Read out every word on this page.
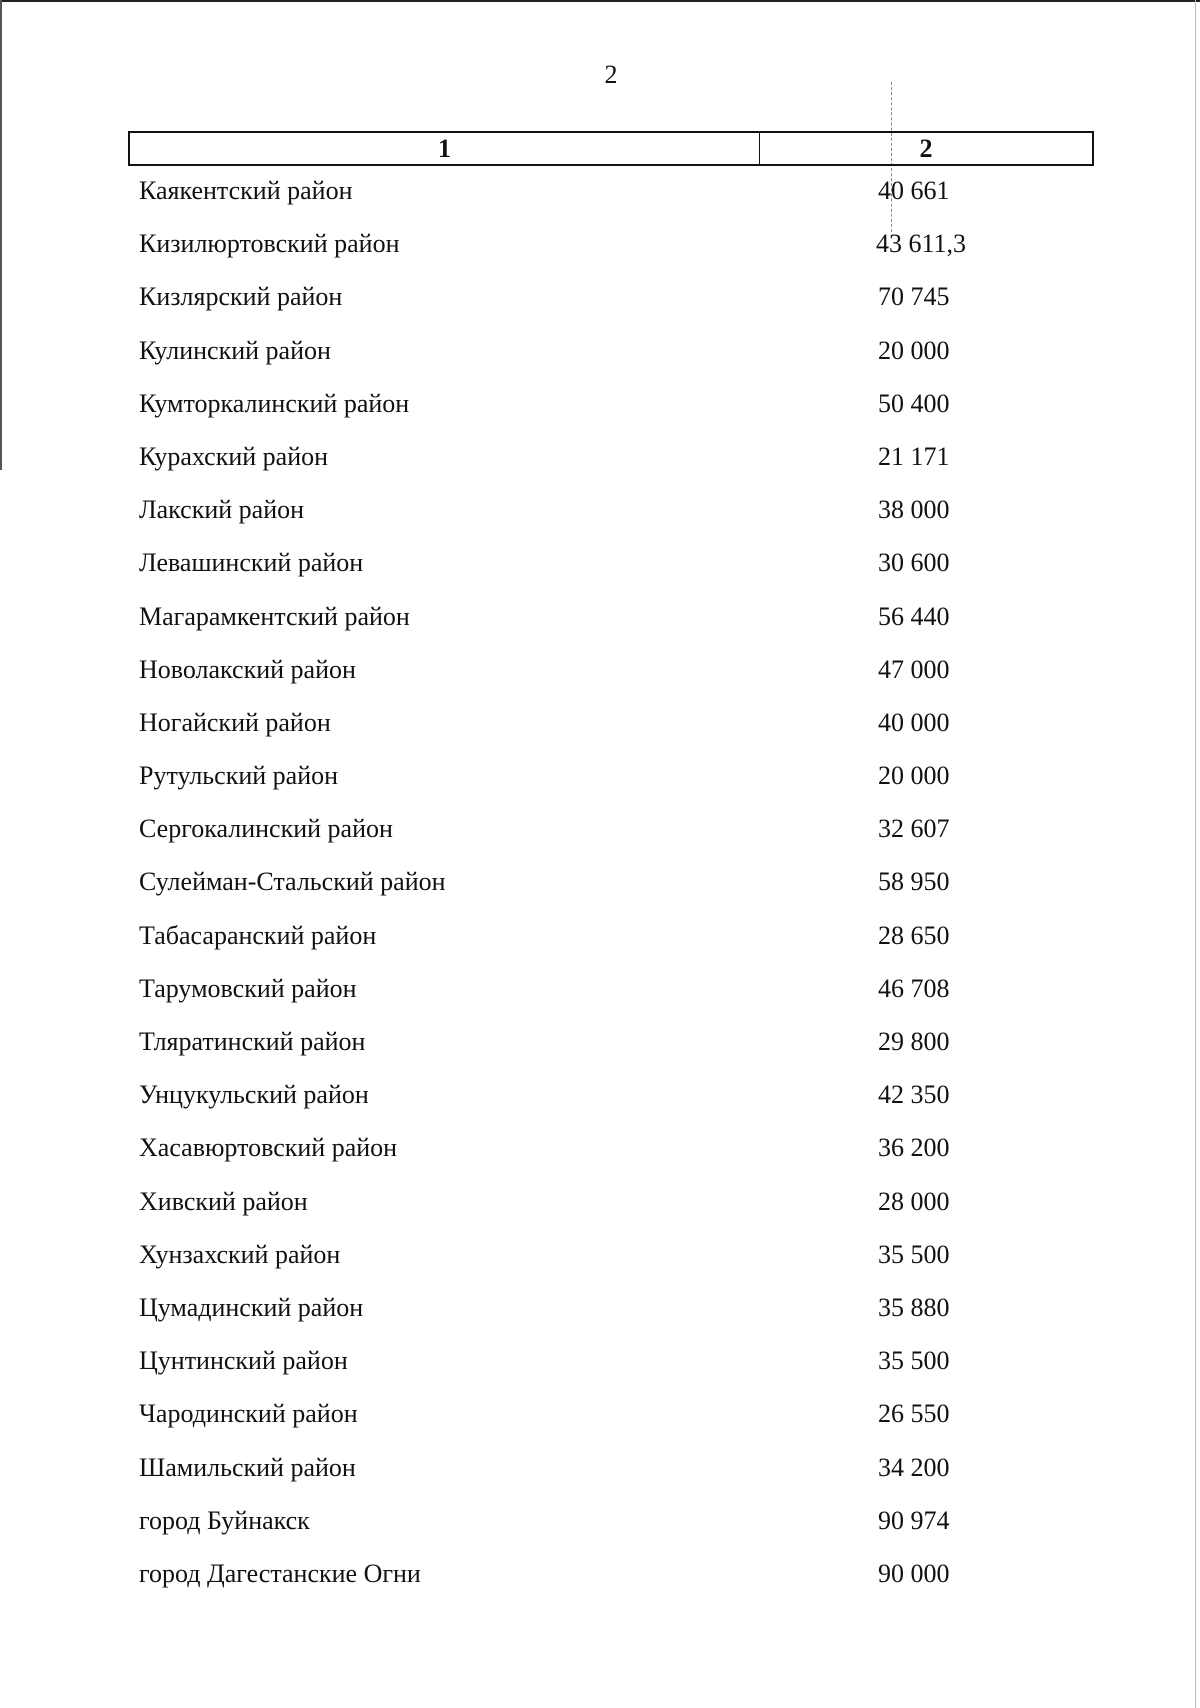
2
1	2
Каякентский район	40 661
Кизилюртовский район	43 611,3
Кизлярский район	70 745
Кулинский район	20 000
Кумторкалинский район	50 400
Курахский район	21 171
Лакский район	38 000
Левашинский район	30 600
Магарамкентский район	56 440
Новолакский район	47 000
Ногайский район	40 000
Рутульский район	20 000
Сергокалинский район	32 607
Сулейман-Стальский район	58 950
Табасаранский район	28 650
Тарумовский район	46 708
Тляратинский район	29 800
Унцукульский район	42 350
Хасавюртовский район	36 200
Хивский район	28 000
Хунзахский район	35 500
Цумадинский район	35 880
Цунтинский район	35 500
Чародинский район	26 550
Шамильский район	34 200
город Буйнакск	90 974
город Дагестанские Огни	90 000
